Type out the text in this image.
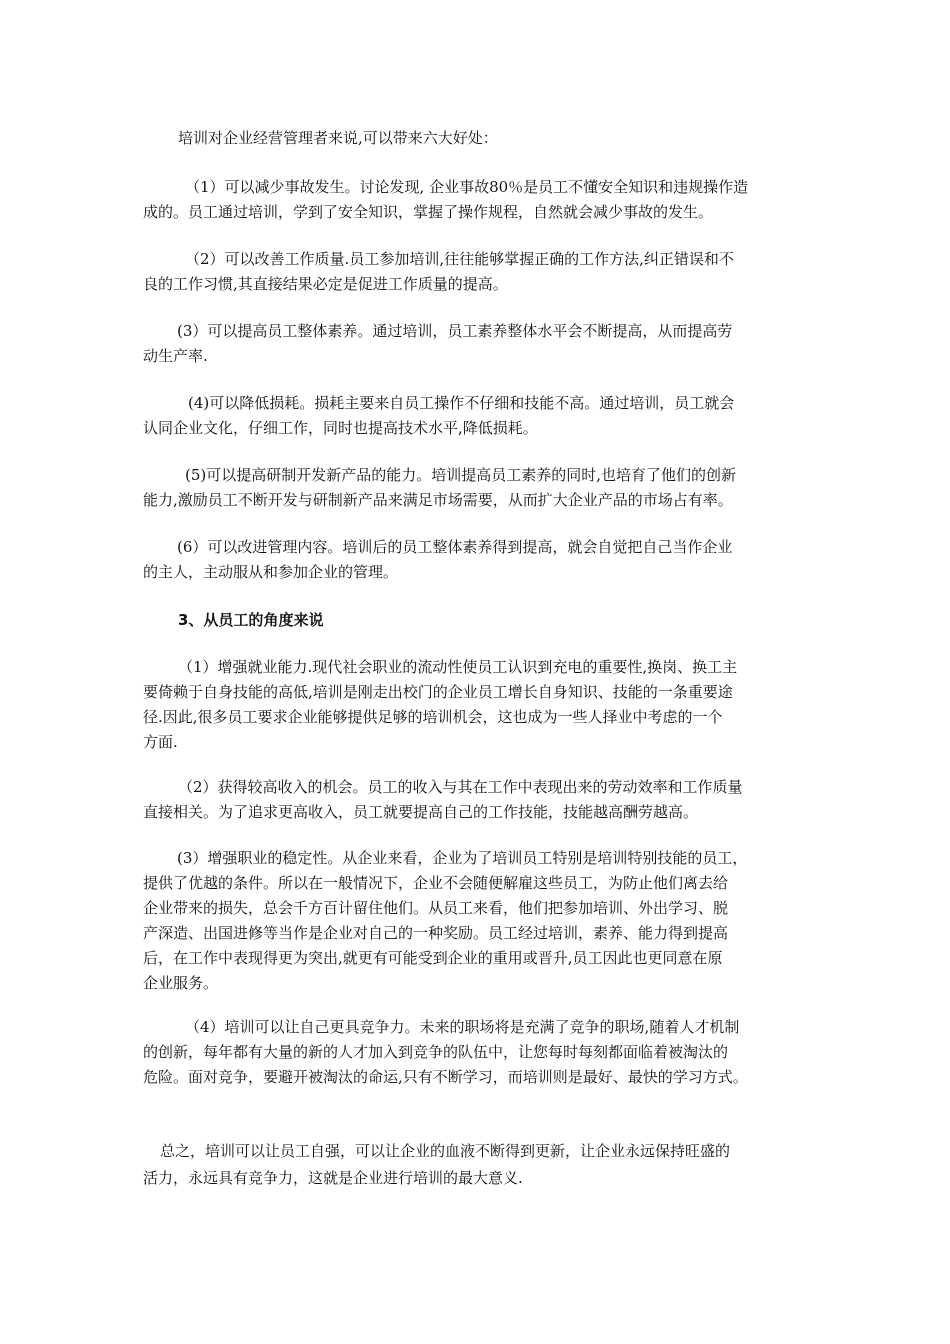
培训对企业经营管理者来说,可以带来六大好处：

（1）可以减少事故发生。讨论发现, 企业事故80％是员工不懂安全知识和违规操作造
成的。员工通过培训，学到了安全知识，掌握了操作规程，自然就会减少事故的发生。

（2）可以改善工作质量.员工参加培训,往往能够掌握正确的工作方法,纠正错误和不
良的工作习惯,其直接结果必定是促进工作质量的提高。

(3）可以提高员工整体素养。通过培训，员工素养整体水平会不断提高，从而提高劳
动生产率.

(4)可以降低损耗。损耗主要来自员工操作不仔细和技能不高。通过培训，员工就会
认同企业文化，仔细工作，同时也提高技术水平,降低损耗。

(5)可以提高研制开发新产品的能力。培训提高员工素养的同时,也培育了他们的创新
能力,激励员工不断开发与研制新产品来满足市场需要，从而扩大企业产品的市场占有率。

(6）可以改进管理内容。培训后的员工整体素养得到提高，就会自觉把自己当作企业
的主人，主动服从和参加企业的管理。

3、从员工的角度来说

（1）增强就业能力.现代社会职业的流动性使员工认识到充电的重要性,换岗、换工主
要倚赖于自身技能的高低,培训是刚走出校门的企业员工增长自身知识、技能的一条重要途
径.因此,很多员工要求企业能够提供足够的培训机会，这也成为一些人择业中考虑的一个
方面.

（2）获得较高收入的机会。员工的收入与其在工作中表现出来的劳动效率和工作质量
直接相关。为了追求更高收入，员工就要提高自己的工作技能，技能越高酬劳越高。

(3）增强职业的稳定性。从企业来看，企业为了培训员工特别是培训特别技能的员工，
提供了优越的条件。所以在一般情况下，企业不会随便解雇这些员工，为防止他们离去给
企业带来的损失，总会千方百计留住他们。从员工来看，他们把参加培训、外出学习、脱
产深造、出国进修等当作是企业对自己的一种奖励。员工经过培训，素养、能力得到提高
后，在工作中表现得更为突出,就更有可能受到企业的重用或晋升,员工因此也更同意在原
企业服务。

（4）培训可以让自己更具竞争力。未来的职场将是充满了竞争的职场,随着人才机制
的创新，每年都有大量的新的人才加入到竞争的队伍中，让您每时每刻都面临着被淘汰的
危险。面对竞争，要避开被淘汰的命运,只有不断学习，而培训则是最好、最快的学习方式。

总之，培训可以让员工自强，可以让企业的血液不断得到更新，让企业永远保持旺盛的
活力，永远具有竞争力，这就是企业进行培训的最大意义.
